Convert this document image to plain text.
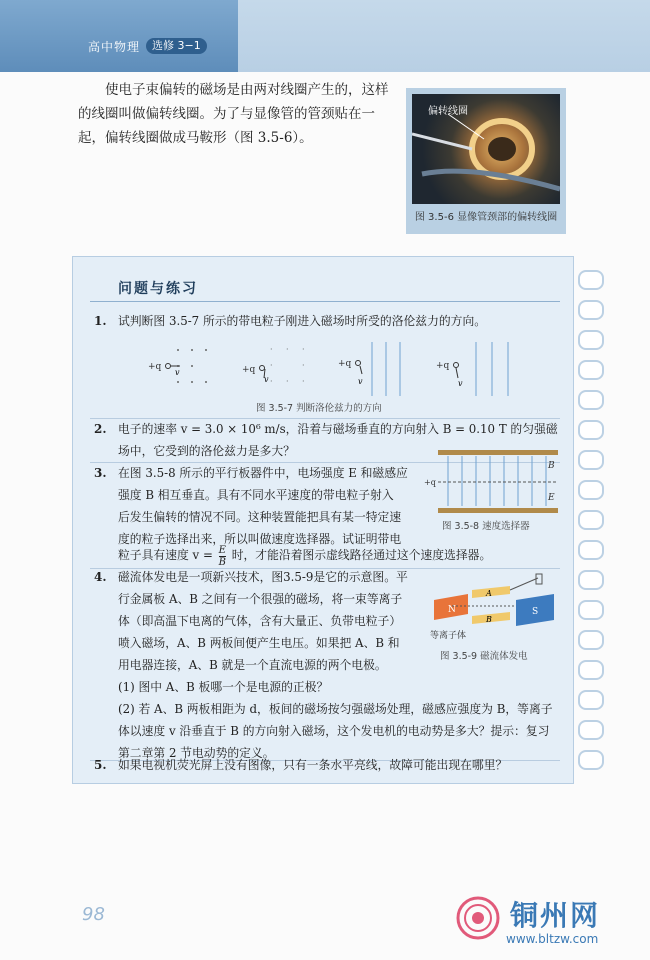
高中物理	选修 3−1
使电子束偏转的磁场是由两对线圈产生的，这样
的线圈叫做偏转线圈。为了与显像管的管颈贴在一
起，偏转线圈做成马鞍形（图 3.5-6）。
偏转线圈
图 3.5-6 显像管颈部的偏转线圈
问题与练习
1. 试判断图 3.5-7 所示的带电粒子刚进入磁场时所受的洛伦兹力的方向。
+q
v
· · ·
·	·
· · ·
+q
v
+q
v
+q
v
图 3.5-7 判断洛伦兹力的方向
2. 电子的速率 v = 3.0 × 10⁶ m/s，沿着与磁场垂直的方向射入 B = 0.10 T 的匀强磁
场中，它受到的洛伦兹力是多大？
3. 在图 3.5-8 所示的平行板器件中，电场强度 E 和磁感应
强度 B 相互垂直。具有不同水平速度的带电粒子射入
后发生偏转的情况不同。这种装置能把具有某一特定速
度的粒子选择出来，所以叫做速度选择器。试证明带电
粒子具有速度 $v = \frac{E}{B}$ 时，才能沿着图示虚线路径通过这个速度选择器。
+q
B
E
图 3.5-8 速度选择器
4. 磁流体发电是一项新兴技术，图3.5-9是它的示意图。平
行金属板 A、B 之间有一个很强的磁场，将一束等离子
体（即高温下电离的气体，含有大量正、负带电粒子）
喷入磁场，A、B 两板间便产生电压。如果把 A、B 和
用电器连接，A、B 就是一个直流电源的两个电极。
(1) 图中 A、B 板哪一个是电源的正极？
(2) 若 A、B 两板相距为 d，板间的磁场按匀强磁场处理，磁感应强度为 B，等离子
体以速度 v 沿垂直于 B 的方向射入磁场，这个发电机的电动势是多大？提示：复习
第二章第 2 节电动势的定义。
N	S
A
B
等离子体
图 3.5-9 磁流体发电
5. 如果电视机荧光屏上没有图像，只有一条水平亮线，故障可能出现在哪里？
98	铜州网
www.bltzw.com
